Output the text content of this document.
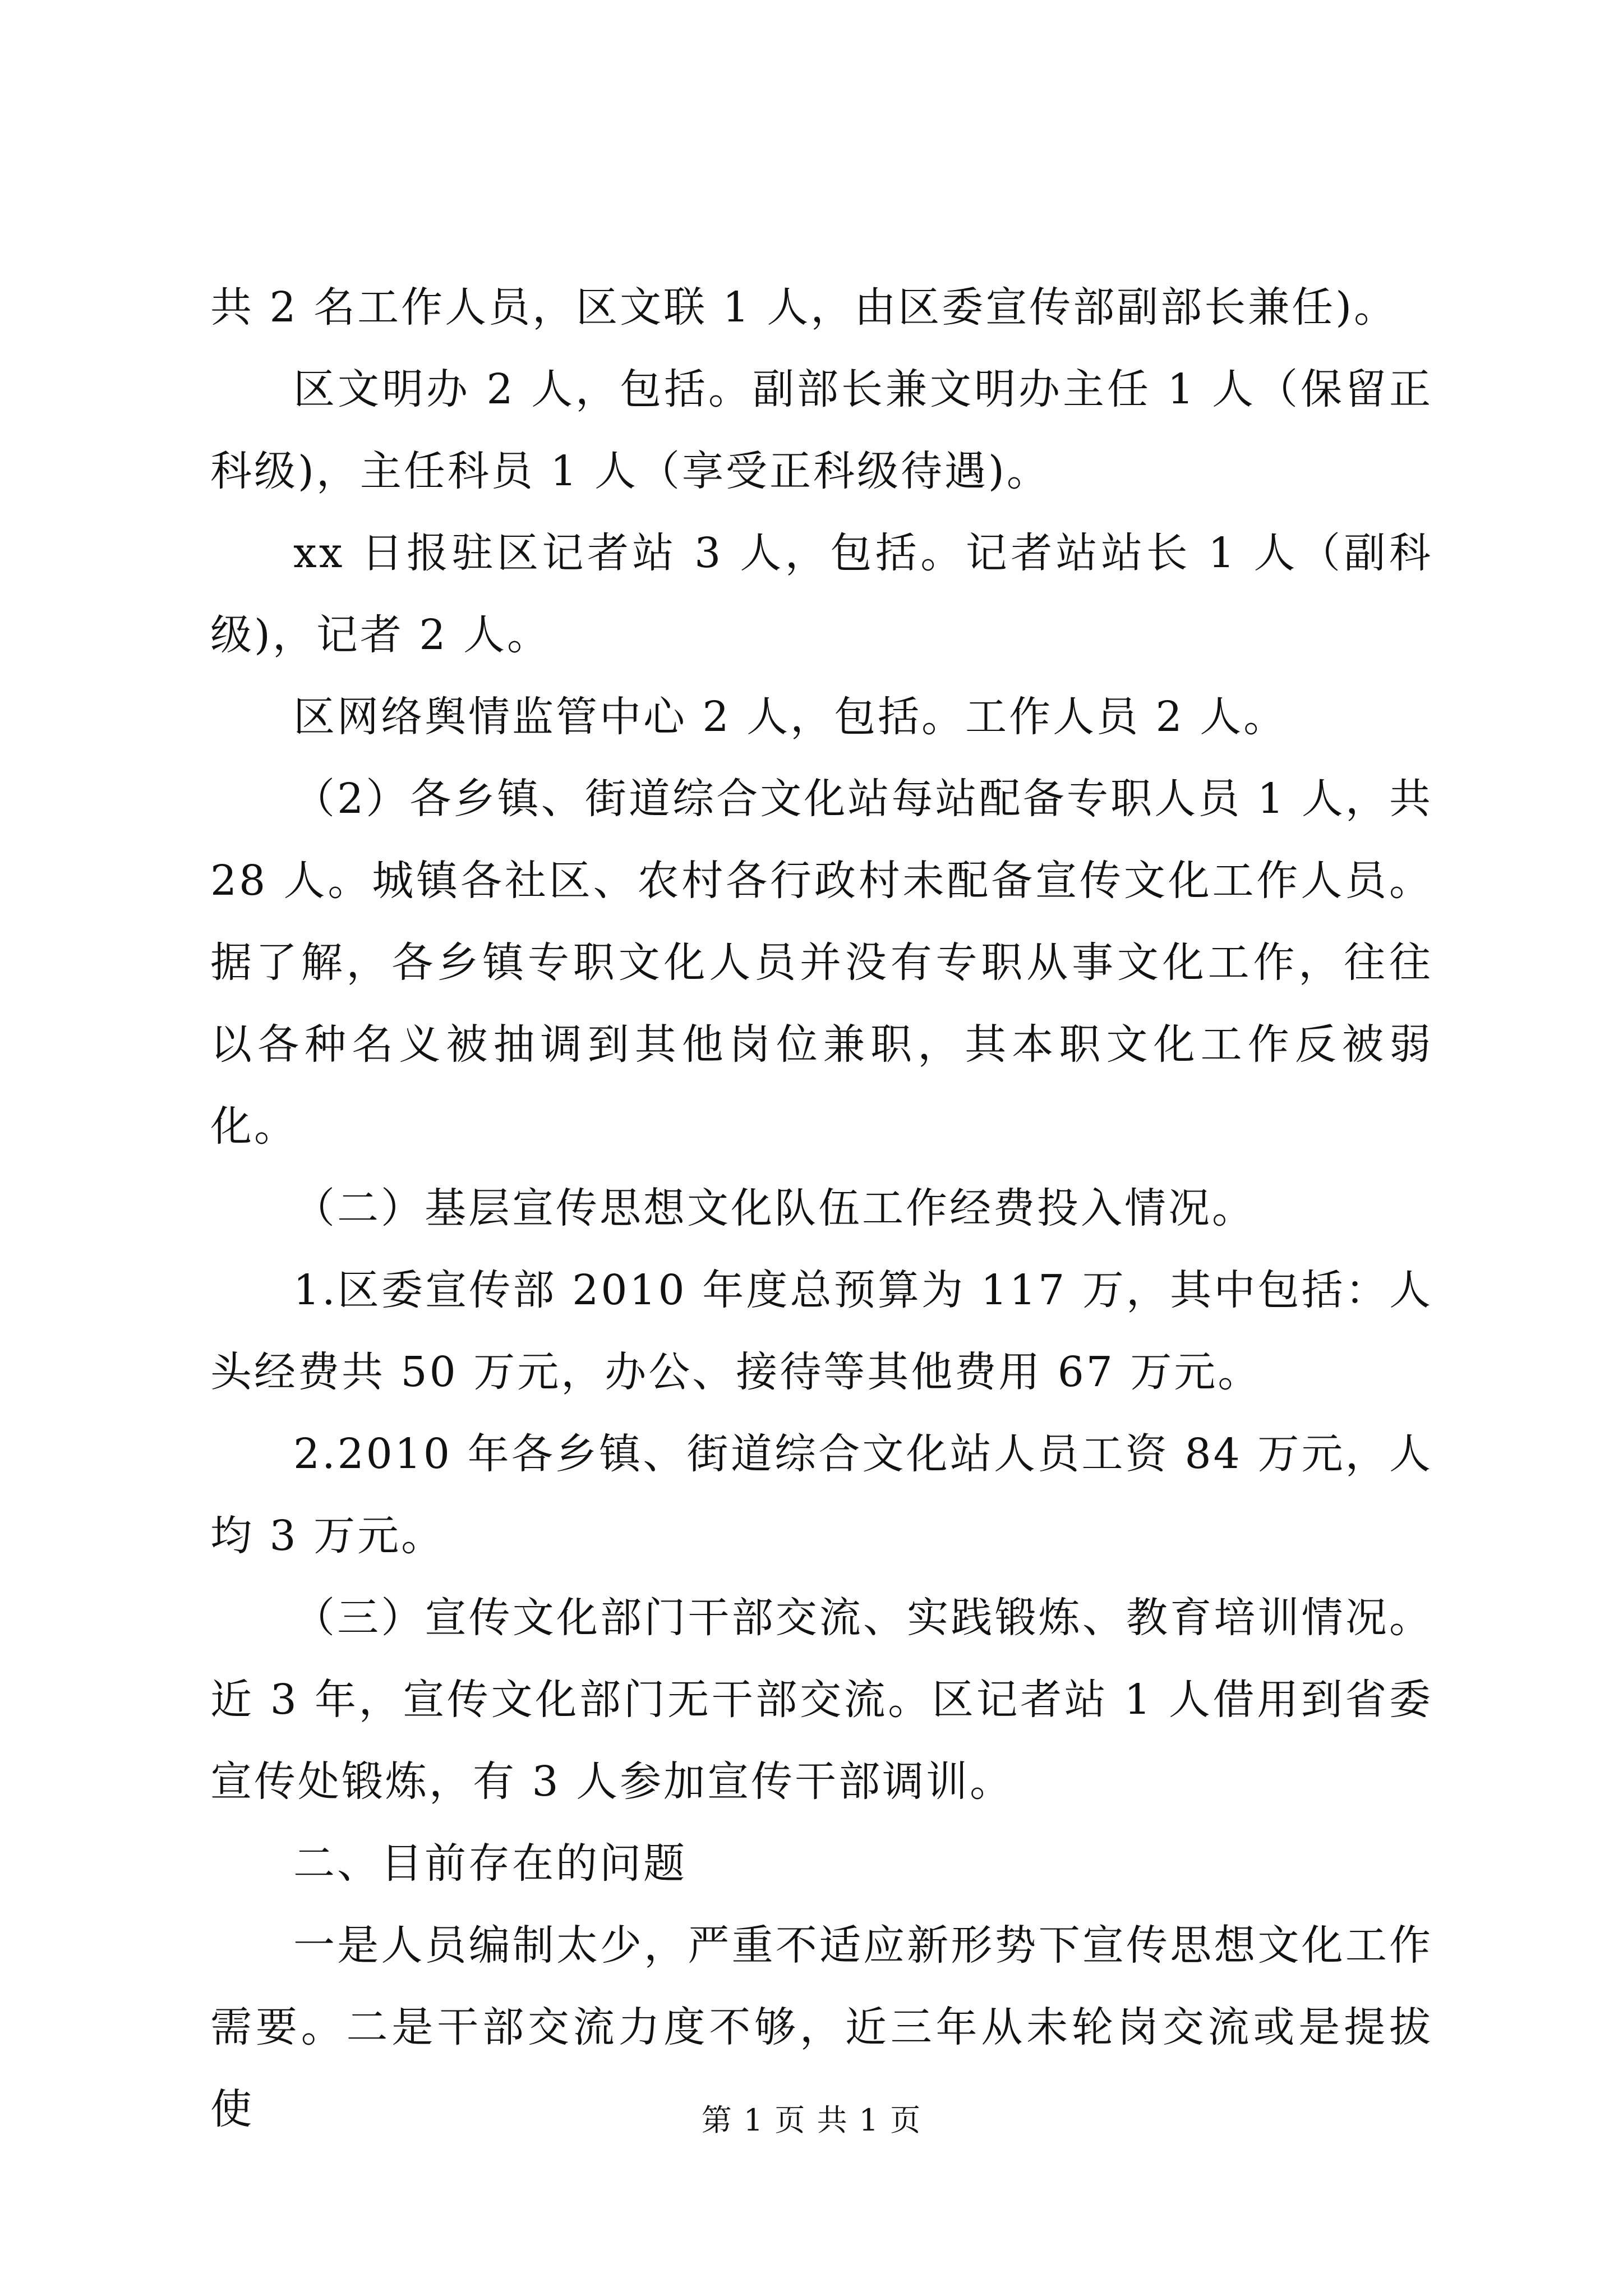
共 2 名工作人员，区文联 1 人，由区委宣传部副部长兼任)。

区文明办 2 人，包括。副部长兼文明办主任 1 人（保留正科级)，主任科员 1 人（享受正科级待遇)。

xx 日报驻区记者站 3 人，包括。记者站站长 1 人（副科级)，记者 2 人。

区网络舆情监管中心 2 人，包括。工作人员 2 人。

（2）各乡镇、街道综合文化站每站配备专职人员 1 人，共 28 人。城镇各社区、农村各行政村未配备宣传文化工作人员。据了解，各乡镇专职文化人员并没有专职从事文化工作，往往以各种名义被抽调到其他岗位兼职，其本职文化工作反被弱化。

（二）基层宣传思想文化队伍工作经费投入情况。

1.区委宣传部 2010 年度总预算为 117 万，其中包括：人头经费共 50 万元，办公、接待等其他费用 67 万元。

2.2010 年各乡镇、街道综合文化站人员工资 84 万元，人均 3 万元。

（三）宣传文化部门干部交流、实践锻炼、教育培训情况。近 3 年，宣传文化部门无干部交流。区记者站 1 人借用到省委宣传处锻炼，有 3 人参加宣传干部调训。

二、目前存在的问题

一是人员编制太少，严重不适应新形势下宣传思想文化工作需要。二是干部交流力度不够，近三年从未轮岗交流或是提拔使	第 1 页 共 1 页
